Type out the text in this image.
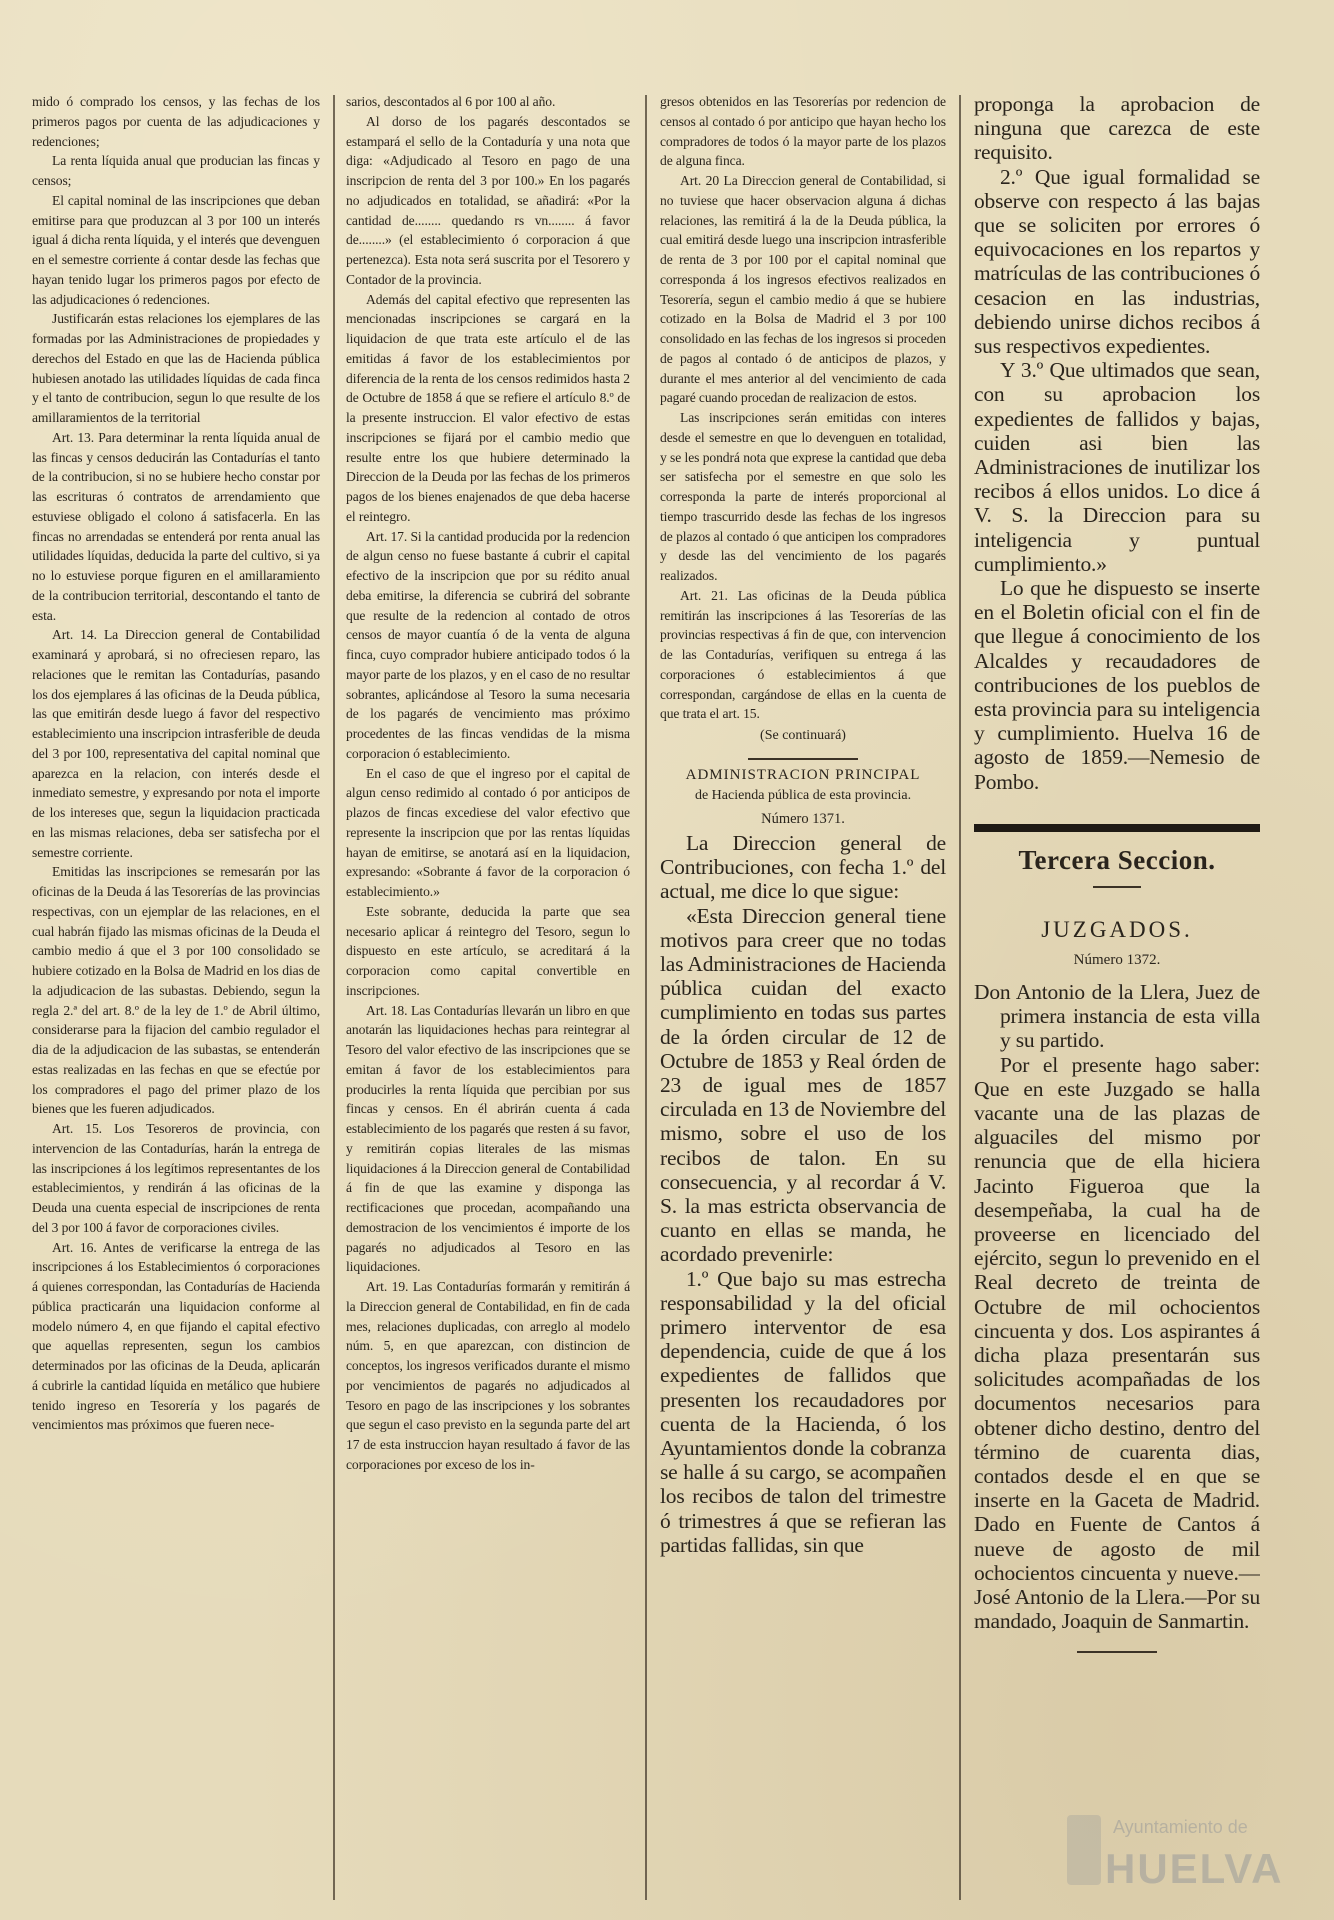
mido ó comprado los censos, y las fechas de los primeros pagos por cuenta de las adjudicaciones y redenciones;

La renta líquida anual que producian las fincas y censos;

El capital nominal de las inscripciones que deban emitirse para que produzcan al 3 por 100 un interés igual á dicha renta líquida, y el interés que devenguen en el semestre corriente á contar desde las fechas que hayan tenido lugar los primeros pagos por efecto de las adjudicaciones ó redenciones.

Justificarán estas relaciones los ejemplares de las formadas por las Administraciones de propiedades y derechos del Estado en que las de Hacienda pública hubiesen anotado las utilidades líquidas de cada finca y el tanto de contribucion, segun lo que resulte de los amillaramientos de la territorial

Art. 13. Para determinar la renta líquida anual de las fincas y censos deducirán las Contadurías el tanto de la contribucion, si no se hubiere hecho constar por las escrituras ó contratos de arrendamiento que estuviese obligado el colono á satisfacerla. En las fincas no arrendadas se entenderá por renta anual las utilidades líquidas, deducida la parte del cultivo, si ya no lo estuviese porque figuren en el amillaramiento de la contribucion territorial, descontando el tanto de esta.

Art. 14. La Direccion general de Contabilidad examinará y aprobará, si no ofreciesen reparo, las relaciones que le remitan las Contadurías, pasando los dos ejemplares á las oficinas de la Deuda pública, las que emitirán desde luego á favor del respectivo establecimiento una inscripcion intrasferible de deuda del 3 por 100, representativa del capital nominal que aparezca en la relacion, con interés desde el inmediato semestre, y expresando por nota el importe de los intereses que, segun la liquidacion practicada en las mismas relaciones, deba ser satisfecha por el semestre corriente.

Emitidas las inscripciones se remesarán por las oficinas de la Deuda á las Tesorerías de las provincias respectivas, con un ejemplar de las relaciones, en el cual habrán fijado las mismas oficinas de la Deuda el cambio medio á que el 3 por 100 consolidado se hubiere cotizado en la Bolsa de Madrid en los dias de la adjudicacion de las subastas. Debiendo, segun la regla 2.ª del art. 8.º de la ley de 1.º de Abril último, considerarse para la fijacion del cambio regulador el dia de la adjudicacion de las subastas, se entenderán estas realizadas en las fechas en que se efectúe por los compradores el pago del primer plazo de los bienes que les fueren adjudicados.

Art. 15. Los Tesoreros de provincia, con intervencion de las Contadurías, harán la entrega de las inscripciones á los legítimos representantes de los establecimientos, y rendirán á las oficinas de la Deuda una cuenta especial de inscripciones de renta del 3 por 100 á favor de corporaciones civiles.

Art. 16. Antes de verificarse la entrega de las inscripciones á los Establecimientos ó corporaciones á quienes correspondan, las Contadurías de Hacienda pública practicarán una liquidacion conforme al modelo número 4, en que fijando el capital efectivo que aquellas representen, segun los cambios determinados por las oficinas de la Deuda, aplicarán á cubrirle la cantidad líquida en metálico que hubiere tenido ingreso en Tesorería y los pagarés de vencimientos mas próximos que fueren nece-

sarios, descontados al 6 por 100 al año.

Al dorso de los pagarés descontados se estampará el sello de la Contaduría y una nota que diga: «Adjudicado al Tesoro en pago de una inscripcion de renta del 3 por 100.» En los pagarés no adjudicados en totalidad, se añadirá: «Por la cantidad de........ quedando rs vn........ á favor de........» (el establecimiento ó corporacion á que pertenezca). Esta nota será suscrita por el Tesorero y Contador de la provincia.

Además del capital efectivo que representen las mencionadas inscripciones se cargará en la liquidacion de que trata este artículo el de las emitidas á favor de los establecimientos por diferencia de la renta de los censos redimidos hasta 2 de Octubre de 1858 á que se refiere el artículo 8.º de la presente instruccion. El valor efectivo de estas inscripciones se fijará por el cambio medio que resulte entre los que hubiere determinado la Direccion de la Deuda por las fechas de los primeros pagos de los bienes enajenados de que deba hacerse el reintegro.

Art. 17. Si la cantidad producida por la redencion de algun censo no fuese bastante á cubrir el capital efectivo de la inscripcion que por su rédito anual deba emitirse, la diferencia se cubrirá del sobrante que resulte de la redencion al contado de otros censos de mayor cuantía ó de la venta de alguna finca, cuyo comprador hubiere anticipado todos ó la mayor parte de los plazos, y en el caso de no resultar sobrantes, aplicándose al Tesoro la suma necesaria de los pagarés de vencimiento mas próximo procedentes de las fincas vendidas de la misma corporacion ó establecimiento.

En el caso de que el ingreso por el capital de algun censo redimido al contado ó por anticipos de plazos de fincas excediese del valor efectivo que represente la inscripcion que por las rentas líquidas hayan de emitirse, se anotará así en la liquidacion, expresando: «Sobrante á favor de la corporacion ó establecimiento.»

Este sobrante, deducida la parte que sea necesario aplicar á reintegro del Tesoro, segun lo dispuesto en este artículo, se acreditará á la corporacion como capital convertible en inscripciones.

Art. 18. Las Contadurías llevarán un libro en que anotarán las liquidaciones hechas para reintegrar al Tesoro del valor efectivo de las inscripciones que se emitan á favor de los establecimientos para producirles la renta líquida que percibian por sus fincas y censos. En él abrirán cuenta á cada establecimiento de los pagarés que resten á su favor, y remitirán copias literales de las mismas liquidaciones á la Direccion general de Contabilidad á fin de que las examine y disponga las rectificaciones que procedan, acompañando una demostracion de los vencimientos é importe de los pagarés no adjudicados al Tesoro en las liquidaciones.

Art. 19. Las Contadurías formarán y remitirán á la Direccion general de Contabilidad, en fin de cada mes, relaciones duplicadas, con arreglo al modelo núm. 5, en que aparezcan, con distincion de conceptos, los ingresos verificados durante el mismo por vencimientos de pagarés no adjudicados al Tesoro en pago de las inscripciones y los sobrantes que segun el caso previsto en la segunda parte del art 17 de esta instruccion hayan resultado á favor de las corporaciones por exceso de los in-

gresos obtenidos en las Tesorerías por redencion de censos al contado ó por anticipo que hayan hecho los compradores de todos ó la mayor parte de los plazos de alguna finca.

Art. 20 La Direccion general de Contabilidad, si no tuviese que hacer observacion alguna á dichas relaciones, las remitirá á la de la Deuda pública, la cual emitirá desde luego una inscripcion intrasferible de renta de 3 por 100 por el capital nominal que corresponda á los ingresos efectivos realizados en Tesorería, segun el cambio medio á que se hubiere cotizado en la Bolsa de Madrid el 3 por 100 consolidado en las fechas de los ingresos si proceden de pagos al contado ó de anticipos de plazos, y durante el mes anterior al del vencimiento de cada pagaré cuando procedan de realizacion de estos.

Las inscripciones serán emitidas con interes desde el semestre en que lo devenguen en totalidad, y se les pondrá nota que exprese la cantidad que deba ser satisfecha por el semestre en que solo les corresponda la parte de interés proporcional al tiempo trascurrido desde las fechas de los ingresos de plazos al contado ó que anticipen los compradores y desde las del vencimiento de los pagarés realizados.

Art. 21. Las oficinas de la Deuda pública remitirán las inscripciones á las Tesorerías de las provincias respectivas á fin de que, con intervencion de las Contadurías, verifiquen su entrega á las corporaciones ó establecimientos á que correspondan, cargándose de ellas en la cuenta de que trata el art. 15.

(Se continuará)
ADMINISTRACION PRINCIPAL
de Hacienda pública de esta provincia.
Número 1371.

La Direccion general de Contribuciones, con fecha 1.º del actual, me dice lo que sigue:

«Esta Direccion general tiene motivos para creer que no todas las Administraciones de Hacienda pública cuidan del exacto cumplimiento en todas sus partes de la órden circular de 12 de Octubre de 1853 y Real órden de 23 de igual mes de 1857 circulada en 13 de Noviembre del mismo, sobre el uso de los recibos de talon. En su consecuencia, y al recordar á V. S. la mas estricta observancia de cuanto en ellas se manda, he acordado prevenirle:

1.º Que bajo su mas estrecha responsabilidad y la del oficial primero interventor de esa dependencia, cuide de que á los expedientes de fallidos que presenten los recaudadores por cuenta de la Hacienda, ó los Ayuntamientos donde la cobranza se halle á su cargo, se acompañen los recibos de talon del trimestre ó trimestres á que se refieran las partidas fallidas, sin que

proponga la aprobacion de ninguna que carezca de este requisito.

2.º Que igual formalidad se observe con respecto á las bajas que se soliciten por errores ó equivocaciones en los repartos y matrículas de las contribuciones ó cesacion en las industrias, debiendo unirse dichos recibos á sus respectivos expedientes.

Y 3.º Que ultimados que sean, con su aprobacion los expedientes de fallidos y bajas, cuiden asi bien las Administraciones de inutilizar los recibos á ellos unidos. Lo dice á V. S. la Direccion para su inteligencia y puntual cumplimiento.»

Lo que he dispuesto se inserte en el Boletin oficial con el fin de que llegue á conocimiento de los Alcaldes y recaudadores de contribuciones de los pueblos de esta provincia para su inteligencia y cumplimiento. Huelva 16 de agosto de 1859.—Nemesio de Pombo.

Tercera Seccion.
JUZGADOS.
Número 1372.

Don Antonio de la Llera, Juez de primera instancia de esta villa y su partido.

Por el presente hago saber: Que en este Juzgado se halla vacante una de las plazas de alguaciles del mismo por renuncia que de ella hiciera Jacinto Figueroa que la desempeñaba, la cual ha de proveerse en licenciado del ejército, segun lo prevenido en el Real decreto de treinta de Octubre de mil ochocientos cincuenta y dos. Los aspirantes á dicha plaza presentarán sus solicitudes acompañadas de los documentos necesarios para obtener dicho destino, dentro del término de cuarenta dias, contados desde el en que se inserte en la Gaceta de Madrid. Dado en Fuente de Cantos á nueve de agosto de mil ochocientos cincuenta y nueve.—José Antonio de la Llera.—Por su mandado, Joaquin de Sanmartin.

Ayuntamiento de
HUELVA
